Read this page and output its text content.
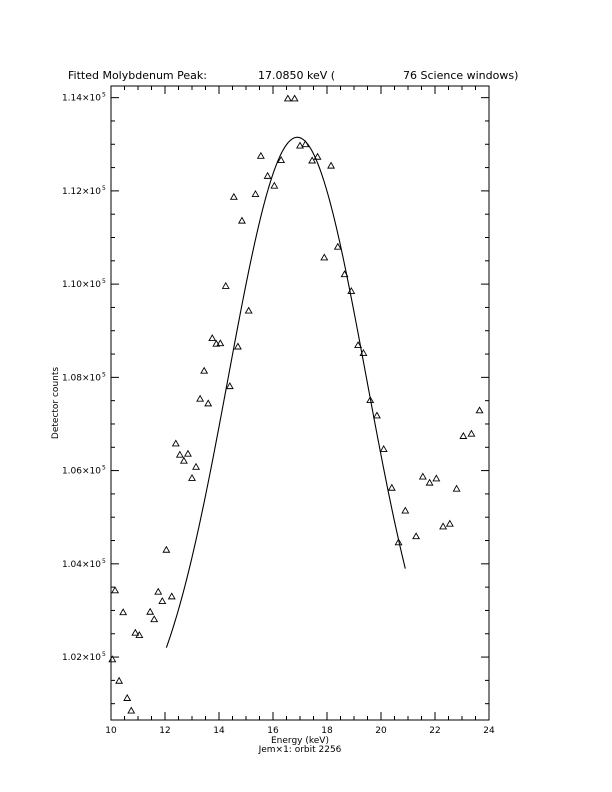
Fitted Molybdenum Peak:	17.0850 keV (	76 Science windows)
10	12	14	16	18	20	22	24
1.02×10 5
1.04×10 5
1.06×10 5
1.08×10 5
1.10×10 5
1.12×10 5
1.14×10 5
Energy (keV)
Jem×1: orbit 2256
Detector counts
